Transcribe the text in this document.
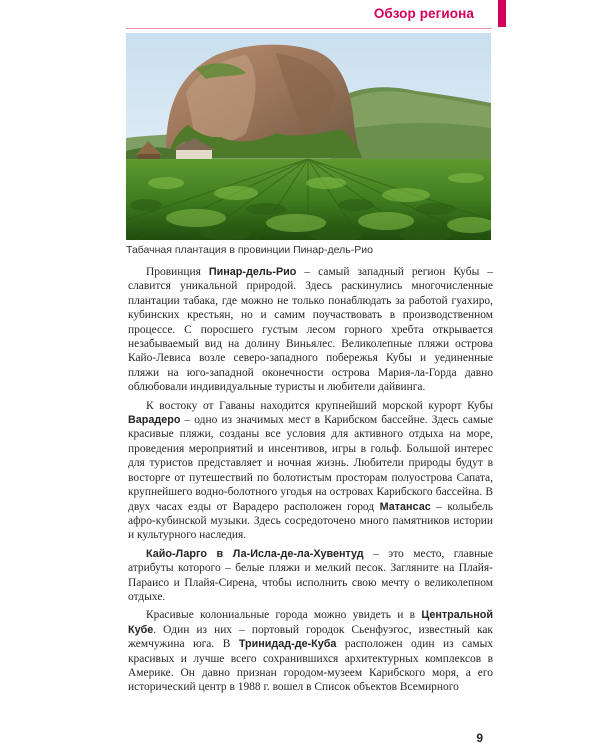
Обзор региона
Табачная плантация в провинции Пинар-дель-Рио

Провинция Пинар-дель-Рио – самый западный регион Кубы – славится уникальной природой. Здесь раскинулись многочисленные плантации табака, где можно не только понаблюдать за работой гуахиро, кубинских крестьян, но и самим поучаствовать в производственном процессе. С поросшего густым лесом горного хребта открывается незабываемый вид на долину Виньялес. Великолепные пляжи острова Кайо-Левиса возле северо-западного побережья Кубы и уединенные пляжи на юго-западной оконечности острова Мария-ла-Горда давно облюбовали индивидуальные туристы и любители дайвинга.

К востоку от Гаваны находится крупнейший морской курорт Кубы Варадеро – одно из значимых мест в Карибском бассейне. Здесь самые красивые пляжи, созданы все условия для активного отдыха на море, проведения мероприятий и инсентивов, игры в гольф. Большой интерес для туристов представляет и ночная жизнь. Любители природы будут в восторге от путешествий по болотистым просторам полуострова Сапата, крупнейшего водно-болотного угодья на островах Карибского бассейна. В двух часах езды от Варадеро расположен город Матансас – колыбель афро-кубинской музыки. Здесь сосредоточено много памятников истории и культурного наследия.

Кайо-Ларго в Ла-Исла-де-ла-Хувентуд – это место, главные атрибуты которого – белые пляжи и мелкий песок. Загляните на Плайя-Параисо и Плайя-Сирена, чтобы исполнить свою мечту о великолепном отдыхе.

Красивые колониальные города можно увидеть и в Центральной Кубе. Один из них – портовый городок Сьенфуэгос, известный как жемчужина юга. В Тринидад-де-Куба расположен один из самых красивых и лучше всего сохранившихся архитектурных комплексов в Америке. Он давно признан городом-музеем Карибского моря, а его исторический центр в 1988 г. вошел в Список объектов Всемирного

9
